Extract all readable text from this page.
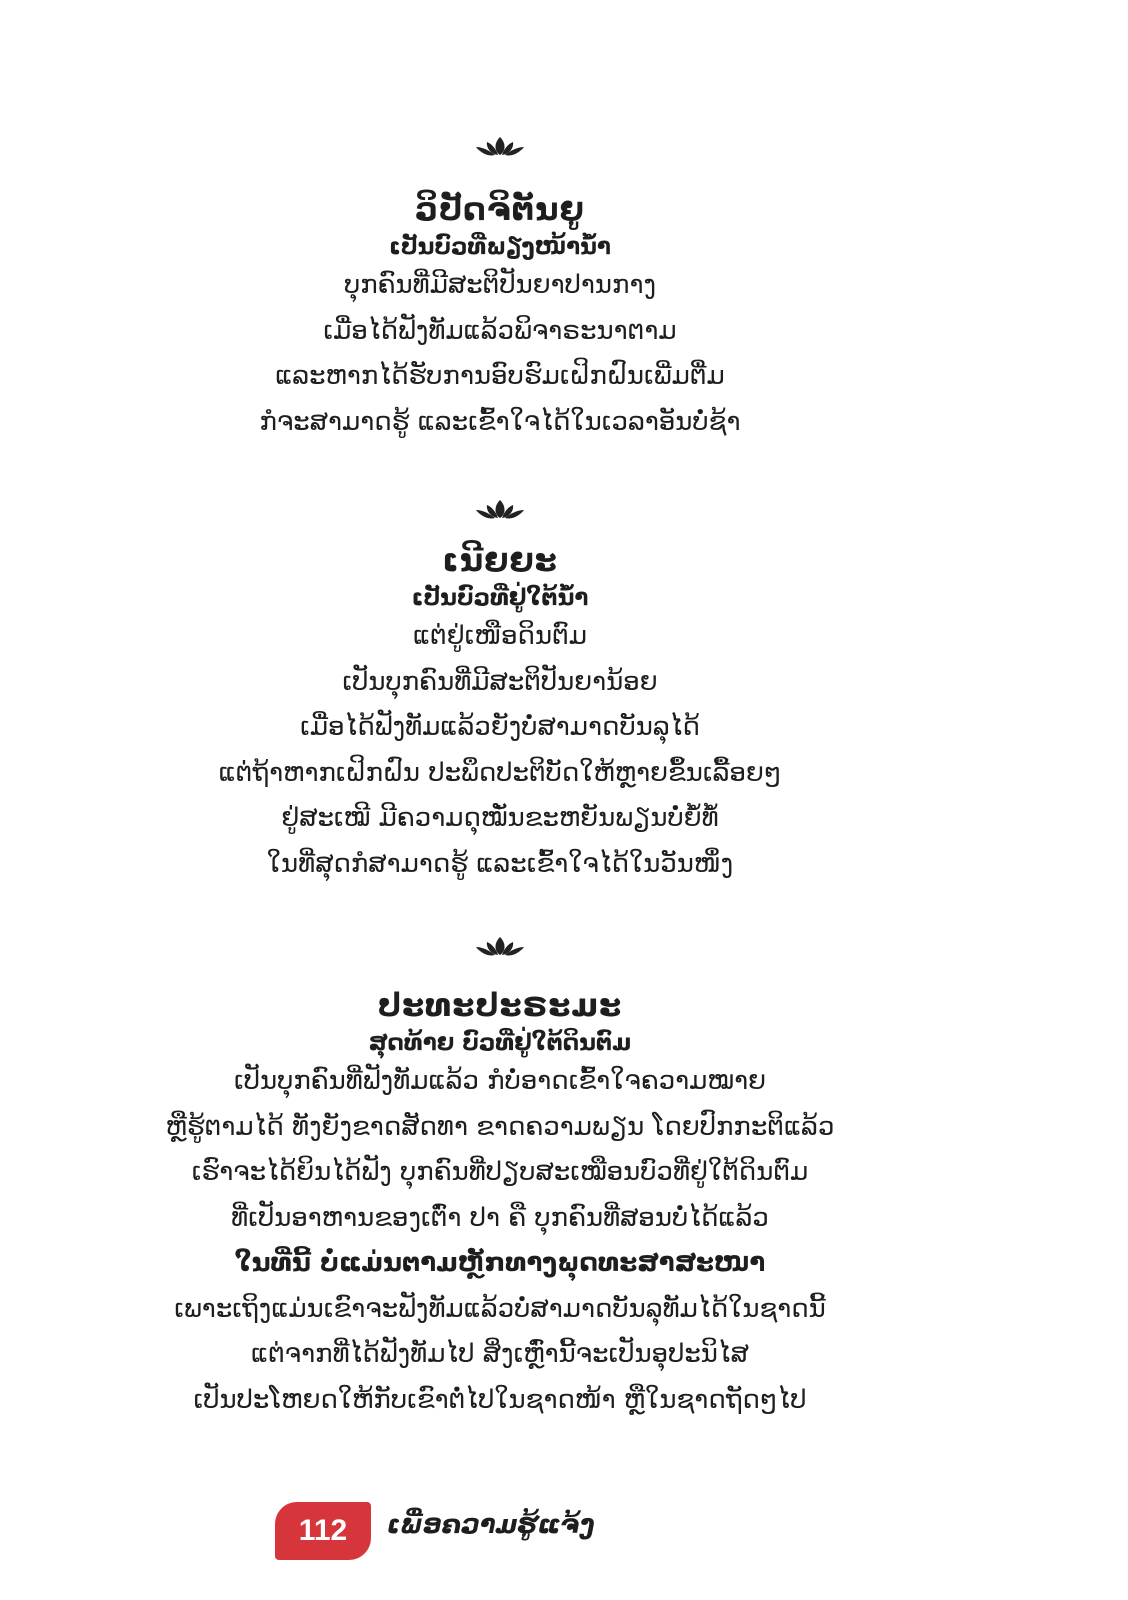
ວິປັດຈິຕັນຍູ
ເປັນບົວທີ່ພຽງໜ້ານ້ຳ
ບຸກຄົນທີ່ມີສະຕິປັນຍາປານກາງ
ເມື່ອໄດ້ຟັງທັມແລ້ວພິຈາຣະນາຕາມ
ແລະຫາກໄດ້ຮັບການອົບຮົມເຝິກຝົນເພີ່ມຕື່ມ
ກໍຈະສາມາດຮູ້ ແລະເຂົ້າໃຈໄດ້ໃນເວລາອັນບໍ່ຊ້າ
ເນີຍຍະ
ເປັນບົວທີ່ຢູ່ໃຕ້ນ້ຳ
ແຕ່ຢູ່ເໜືອດິນຕົມ
ເປັນບຸກຄົນທີ່ມີສະຕິປັນຍານ້ອຍ
ເມື່ອໄດ້ຟັງທັມແລ້ວຍັງບໍ່ສາມາດບັນລຸໄດ້
ແຕ່ຖ້າຫາກເຝິກຝົນ ປະພຶດປະຕິບັດໃຫ້ຫຼາຍຂຶ້ນເລື້ອຍໆ
ຢູ່ສະເໝີ ມີຄວາມດຸໝັ່ນຂະຫຍັນພຽນບໍ່ຍໍ້ທໍ້
ໃນທີ່ສຸດກໍສາມາດຮູ້ ແລະເຂົ້າໃຈໄດ້ໃນວັນໜຶ່ງ
ປະທະປະຣະມະ
ສຸດທ້າຍ ບົວທີ່ຢູ່ໃຕ້ດິນຕົມ
ເປັນບຸກຄົນທີ່ຟັງທັມແລ້ວ ກໍບໍ່ອາດເຂົ້າໃຈຄວາມໝາຍ
ຫຼືຮູ້ຕາມໄດ້ ທັງຍັງຂາດສັດທາ ຂາດຄວາມພຽນ ໂດຍປົກກະຕິແລ້ວ
ເຮົາຈະໄດ້ຍິນໄດ້ຟັງ ບຸກຄົນທີ່ປຽບສະເໝືອນບົວທີ່ຢູ່ໃຕ້ດິນຕົມ
ທີ່ເປັນອາຫານຂອງເຕົ່າ ປາ ຄື ບຸກຄົນທີ່ສອນບໍ່ໄດ້ແລ້ວ
ໃນທີ່ນີ້ ບໍ່ແມ່ນຕາມຫຼັກທາງພຸດທະສາສະໜາ
ເພາະເຖິງແມ່ນເຂົາຈະຟັງທັມແລ້ວບໍ່ສາມາດບັນລຸທັມໄດ້ໃນຊາດນີ້
ແຕ່ຈາກທີ່ໄດ້ຟັງທັມໄປ ສິ່ງເຫຼົ່ານີ້ຈະເປັນອຸປະນິໄສ
ເປັນປະໂຫຍດໃຫ້ກັບເຂົາຕໍ່ໄປໃນຊາດໜ້າ ຫຼືໃນຊາດຖັດໆໄປ
112	ເພື່ອຄວາມຮູ້ແຈ້ງ
